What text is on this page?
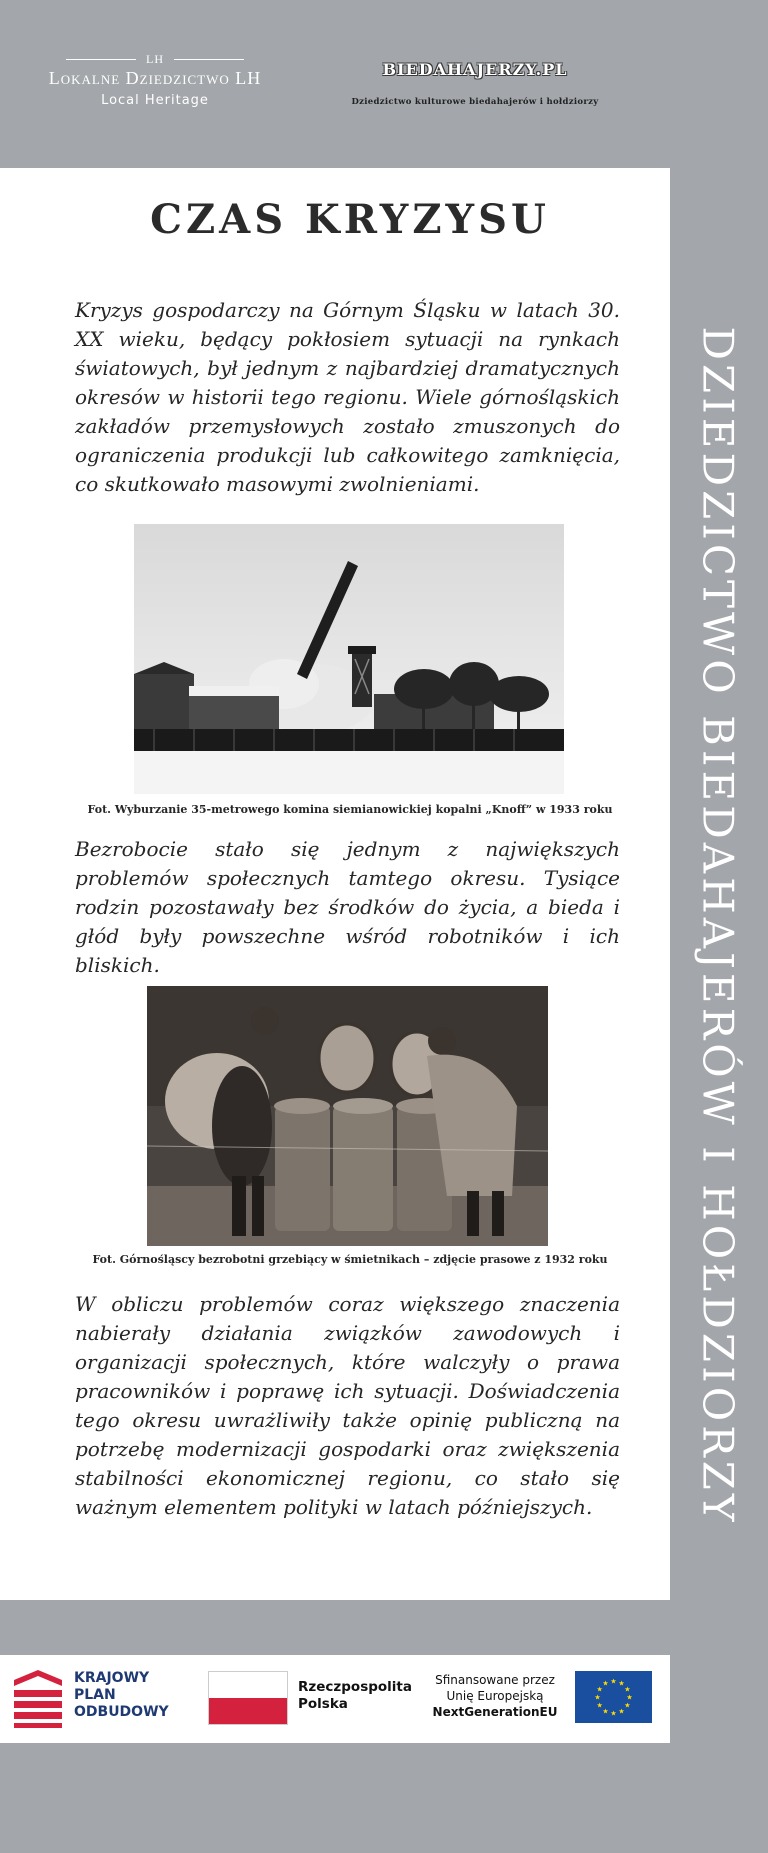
LH
Lokalne Dziedzictwo LH
Local Heritage
BIEDAHAJERZY.PL
Dziedzictwo kulturowe biedahajerów i hołdziorzy
CZAS KRYZYSU
Kryzys gospodarczy na Górnym Śląsku w latach 30. XX wieku, będący pokłosiem sytuacji na rynkach światowych, był jednym z najbardziej dramatycznych okresów w historii tego regionu. Wiele górnośląskich zakładów przemysłowych zostało zmuszonych do ograniczenia produkcji lub całkowitego zamknięcia, co skutkowało masowymi zwolnieniami.
Fot. Wyburzanie 35-metrowego komina siemianowickiej kopalni „Knoff” w 1933 roku
Bezrobocie stało się jednym z największych problemów społecznych tamtego okresu. Tysiące rodzin pozostawały bez środków do życia, a bieda i głód były powszechne wśród robotników i ich bliskich.
Fot. Górnośląscy bezrobotni grzebiący w śmietnikach – zdjęcie prasowe z 1932 roku
W obliczu problemów coraz większego znaczenia nabierały działania związków zawodowych i organizacji społecznych, które walczyły o prawa pracowników i poprawę ich sytuacji. Doświadczenia tego okresu uwrażliwiły także opinię publiczną na potrzebę modernizacji gospodarki oraz zwiększenia stabilności ekonomicznej regionu, co stało się ważnym elementem polityki w latach późniejszych.	DZIEDZICTWO BIEDAHAJERÓW I HOŁDZIORZY
KRAJOWY
PLAN
ODBUDOWY
Rzeczpospolita
Polska
Sfinansowane przez
Unię Europejską
NextGenerationEU
★
★
★
★
★
★
★
★
★ ★ ★
★
